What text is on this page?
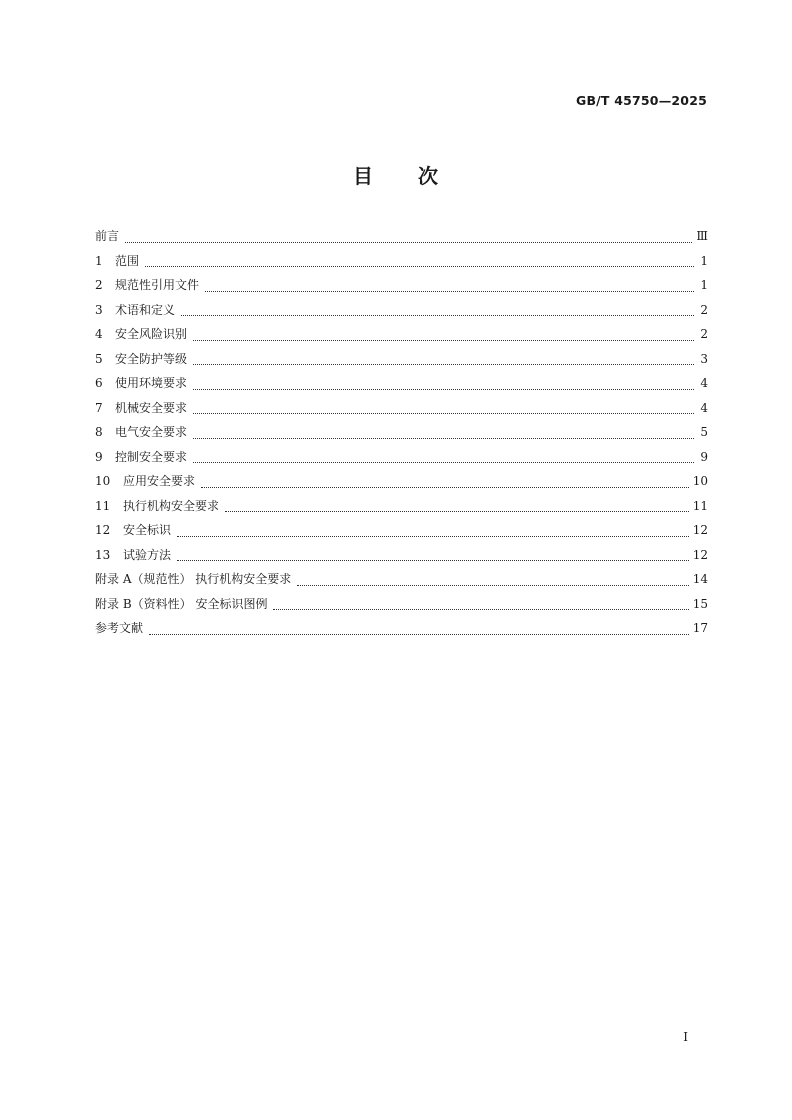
GB/T 45750—2025
目 次
前言	Ⅲ
1 范围	1
2 规范性引用文件	1
3 术语和定义	2
4 安全风险识别	2
5 安全防护等级	3
6 使用环境要求	4
7 机械安全要求	4
8 电气安全要求	5
9 控制安全要求	9
10 应用安全要求	10
11 执行机构安全要求	11
12 安全标识	12
13 试验方法	12
附录 A（规范性） 执行机构安全要求	14
附录 B（资料性） 安全标识图例	15
参考文献	17
I
